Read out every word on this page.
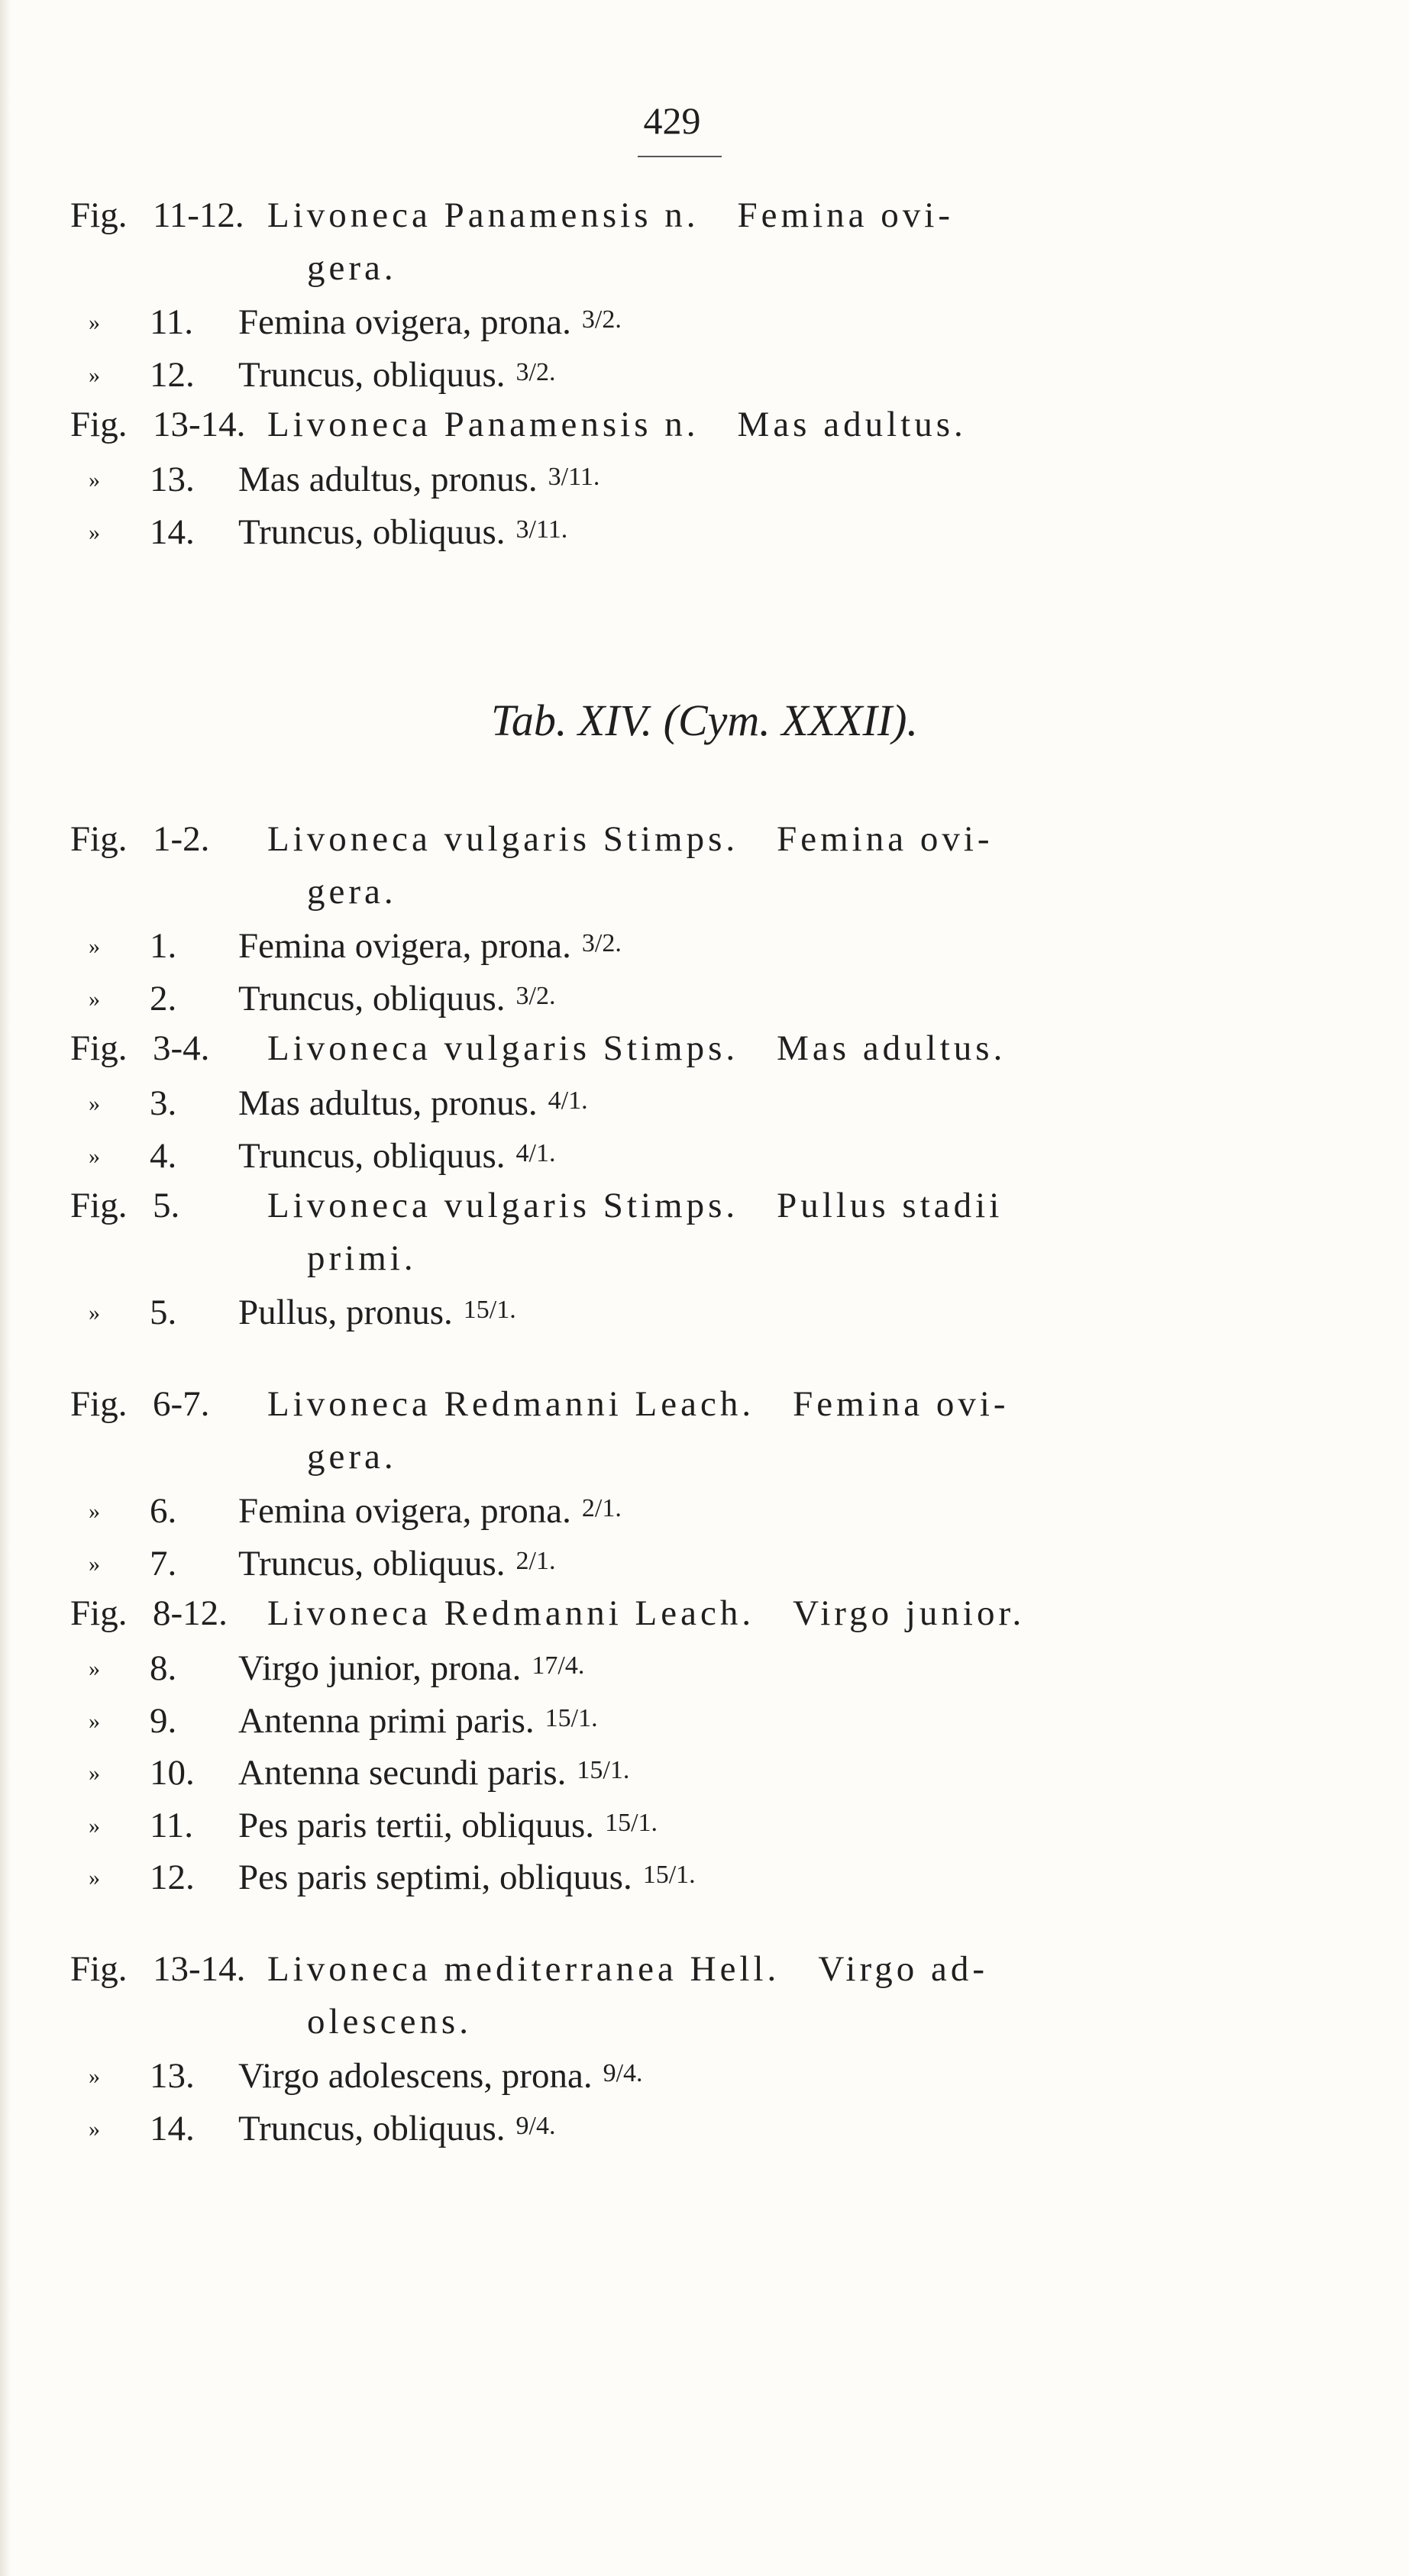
429
Tab. XIV. (Cym. XXXII).
Fig. 11-12. Livoneca Panamensis n. Femina ovi-
gera.
» 11. Femina ovigera, prona. 3/2.
» 12. Truncus, obliquus. 3/2.
Fig. 13-14. Livoneca Panamensis n. Mas adultus.
» 13. Mas adultus, pronus. 3/11.
» 14. Truncus, obliquus. 3/11.
Fig. 1-2. Livoneca vulgaris Stimps. Femina ovi-
gera.
» 1. Femina ovigera, prona. 3/2.
» 2. Truncus, obliquus. 3/2.
Fig. 3-4. Livoneca vulgaris Stimps. Mas adultus.
» 3. Mas adultus, pronus. 4/1.
» 4. Truncus, obliquus. 4/1.
Fig. 5. Livoneca vulgaris Stimps. Pullus stadii
primi.
» 5. Pullus, pronus. 15/1.
Fig. 6-7. Livoneca Redmanni Leach. Femina ovi-
gera.
» 6. Femina ovigera, prona. 2/1.
» 7. Truncus, obliquus. 2/1.
Fig. 8-12. Livoneca Redmanni Leach. Virgo junior.
» 8. Virgo junior, prona. 17/4.
» 9. Antenna primi paris. 15/1.
» 10. Antenna secundi paris. 15/1.
» 11. Pes paris tertii, obliquus. 15/1.
» 12. Pes paris septimi, obliquus. 15/1.
Fig. 13-14. Livoneca mediterranea Hell. Virgo ad-
olescens.
» 13. Virgo adolescens, prona. 9/4.
» 14. Truncus, obliquus. 9/4.
